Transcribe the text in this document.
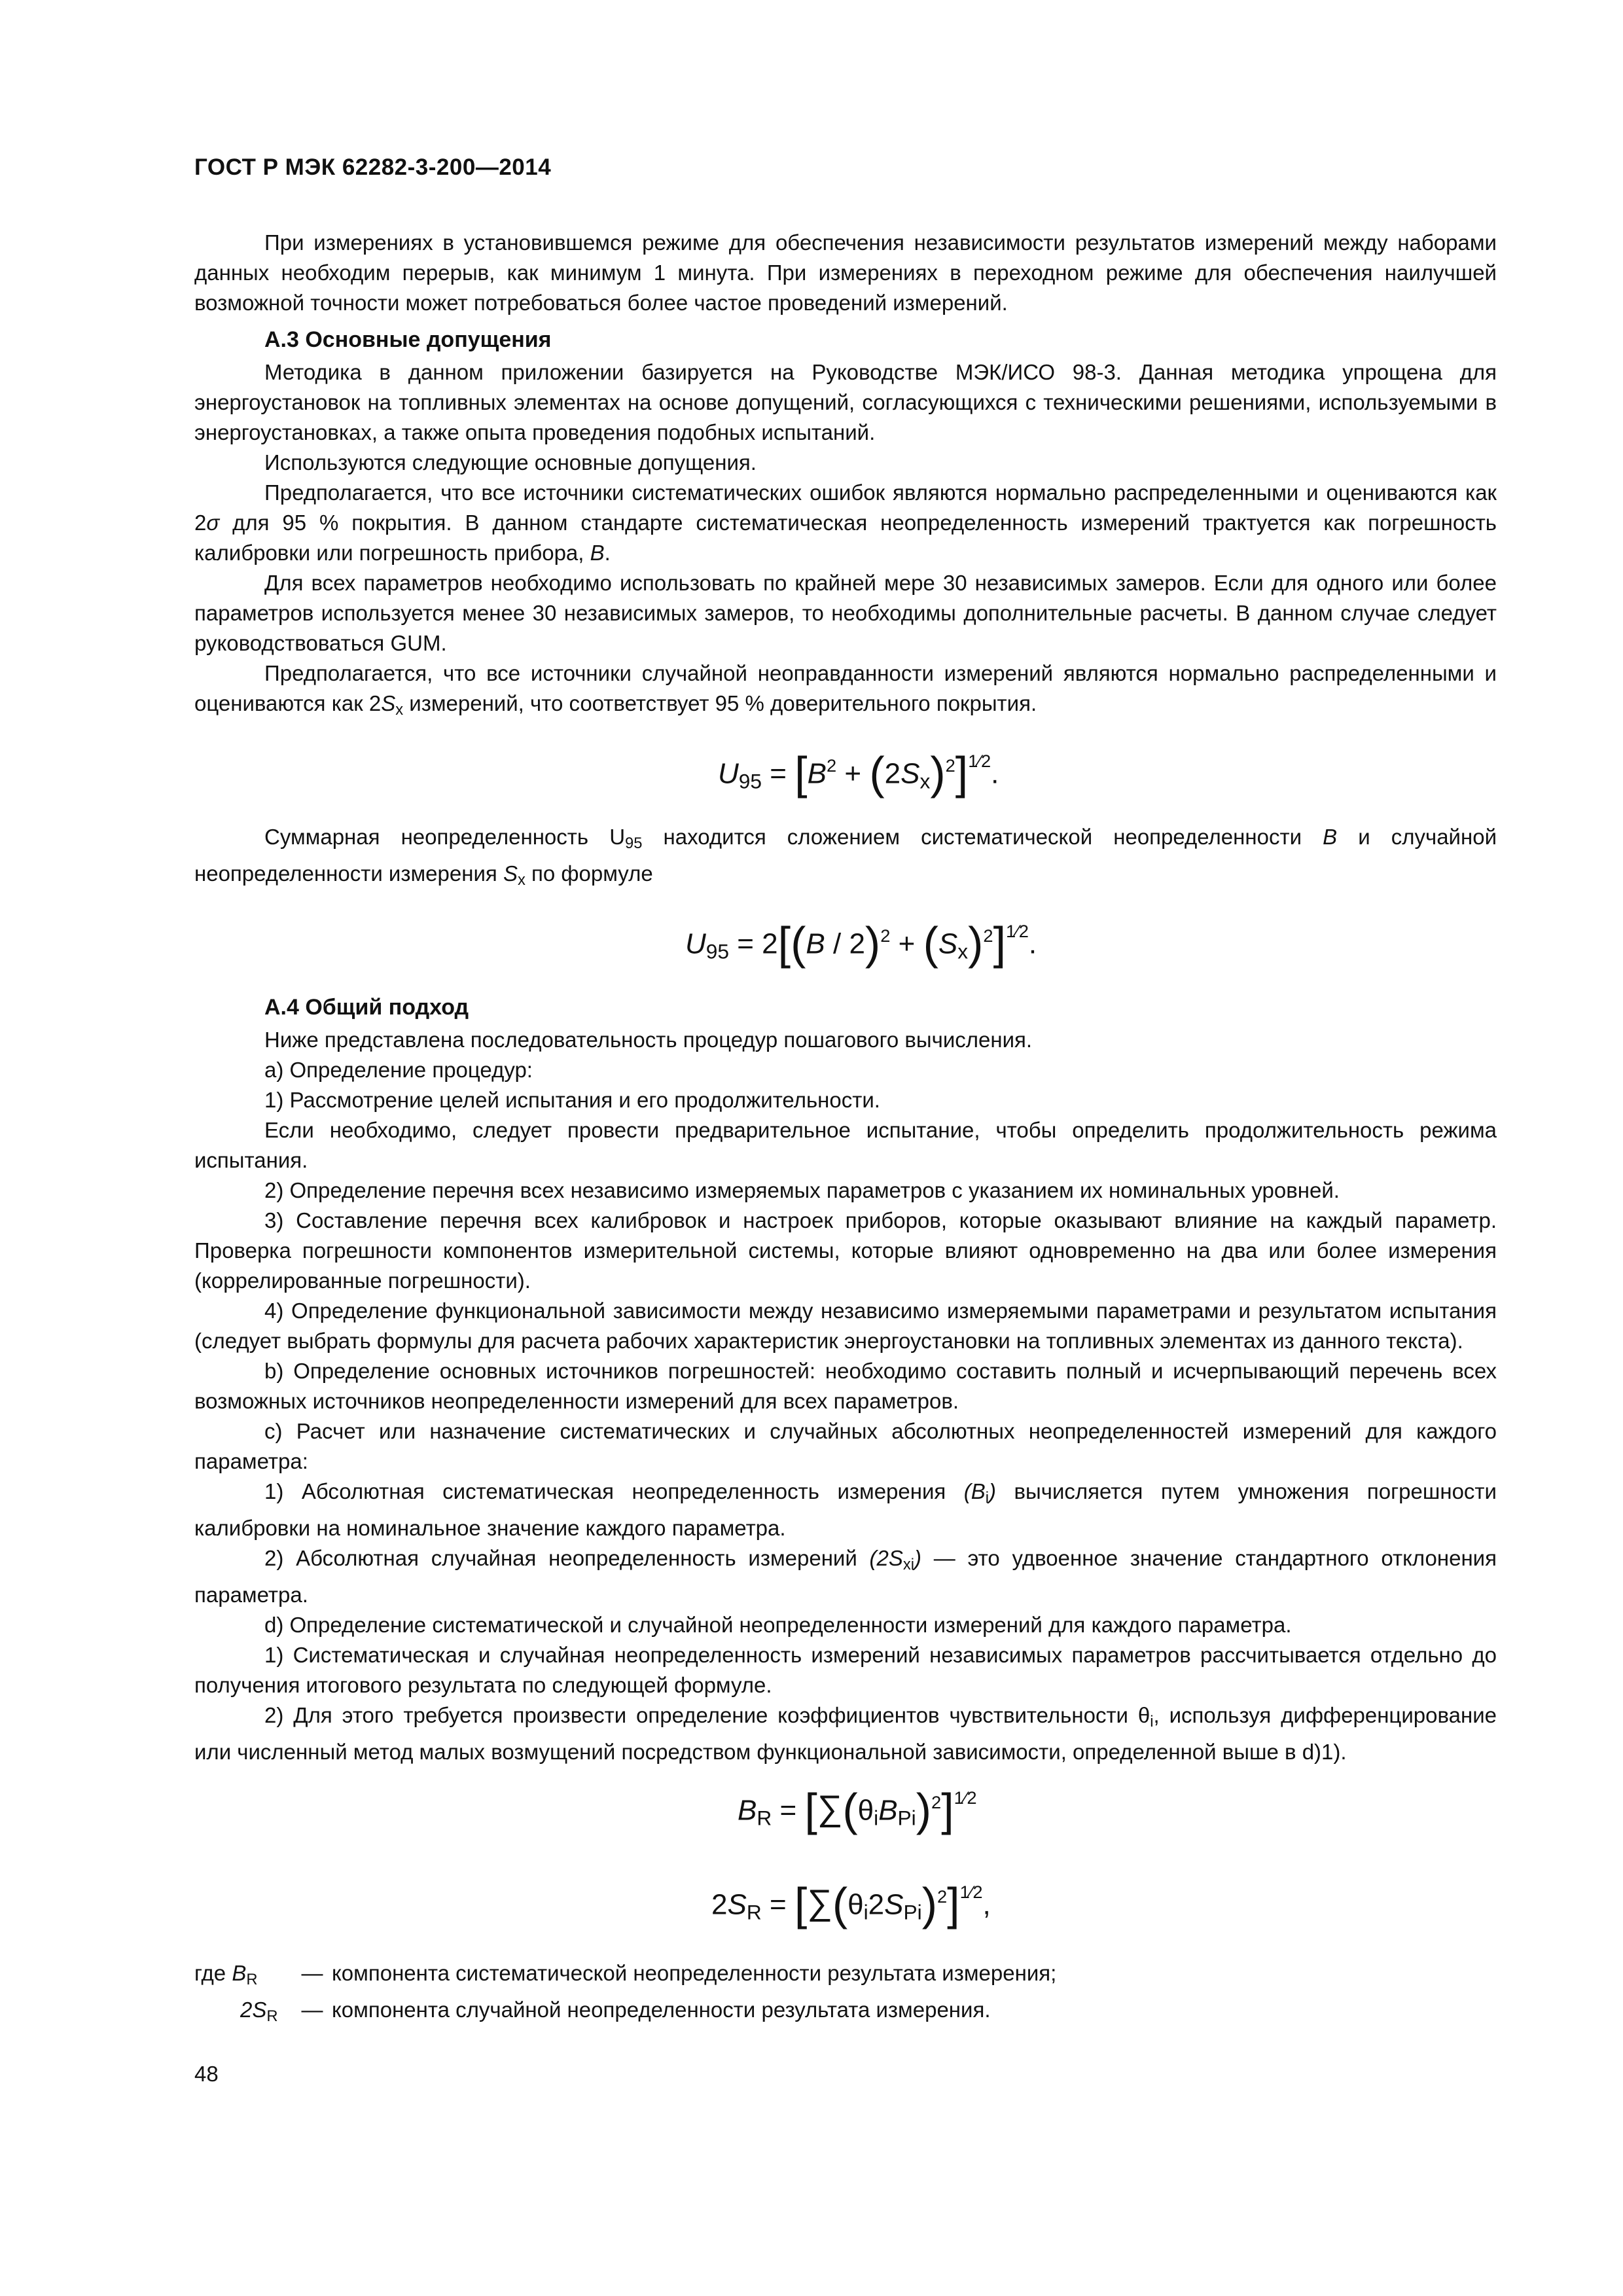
ГОСТ Р МЭК 62282-3-200—2014

При измерениях в установившемся режиме для обеспечения независимости результатов измерений между наборами данных необходим перерыв, как минимум 1 минута. При измерениях в переходном режиме для обеспечения наилучшей возможной точности может потребоваться более частое проведений измерений.

А.3 Основные допущения

Методика в данном приложении базируется на Руководстве МЭК/ИСО 98-3. Данная методика упрощена для энергоустановок на топливных элементах на основе допущений, согласующихся с техническими решениями, используемыми в энергоустановках, а также опыта проведения подобных испытаний.

Используются следующие основные допущения.

Предполагается, что все источники систематических ошибок являются нормально распределенными и оцениваются как 2σ для 95 % покрытия. В данном стандарте систематическая неопределенность измерений трактуется как погрешность калибровки или погрешность прибора, B.

Для всех параметров необходимо использовать по крайней мере 30 независимых замеров. Если для одного или более параметров используется менее 30 независимых замеров, то необходимы дополнительные расчеты. В данном случае следует руководствоваться GUM.

Предполагается, что все источники случайной неоправданности измерений являются нормально распределенными и оцениваются как $2S_x$ измерений, что соответствует 95 % доверительного покрытия.

$U_{95} = [B^2 + (2S_x)^2]^{1⁄2}$.

Суммарная неопределенность $U_{95}$ находится сложением систематической неопределенности B и случайной неопределенности измерения $S_x$ по формуле

$U_{95} = 2[(B / 2)^2 + (S_x)^2]^{1⁄2}$.
А.4 Общий подход

Ниже представлена последовательность процедур пошагового вычисления.

a) Определение процедур:

1) Рассмотрение целей испытания и его продолжительности.

Если необходимо, следует провести предварительное испытание, чтобы определить продолжительность режима испытания.

2) Определение перечня всех независимо измеряемых параметров с указанием их номинальных уровней.

3) Составление перечня всех калибровок и настроек приборов, которые оказывают влияние на каждый параметр. Проверка погрешности компонентов измерительной системы, которые влияют одновременно на два или более измерения (коррелированные погрешности).

4) Определение функциональной зависимости между независимо измеряемыми параметрами и результатом испытания (следует выбрать формулы для расчета рабочих характеристик энергоустановки на топливных элементах из данного текста).

b) Определение основных источников погрешностей: необходимо составить полный и исчерпывающий перечень всех возможных источников неопределенности измерений для всех параметров.

c) Расчет или назначение систематических и случайных абсолютных неопределенностей измерений для каждого параметра:

1) Абсолютная систематическая неопределенность измерения $(B_i)$ вычисляется путем умножения погрешности калибровки на номинальное значение каждого параметра.

2) Абсолютная случайная неопределенность измерений $(2S_{xi})$ — это удвоенное значение стандартного отклонения параметра.

d) Определение систематической и случайной неопределенности измерений для каждого параметра.

1) Систематическая и случайная неопределенность измерений независимых параметров рассчитывается отдельно до получения итогового результата по следующей формуле.

2) Для этого требуется произвести определение коэффициентов чувствительности $\theta_i$, используя дифференцирование или численный метод малых возмущений посредством функциональной зависимости, определенной выше в d)1).

$B_R = [\sum(\theta_iB_{Pi})^2]^{1⁄2}$
$2S_R = [\sum(\theta_i2S_{Pi})^2]^{1⁄2}$,
где $B_R$	— компонента систематической неопределенности результата измерения;
$2S_R$	— компонента случайной неопределенности результата измерения.
48
